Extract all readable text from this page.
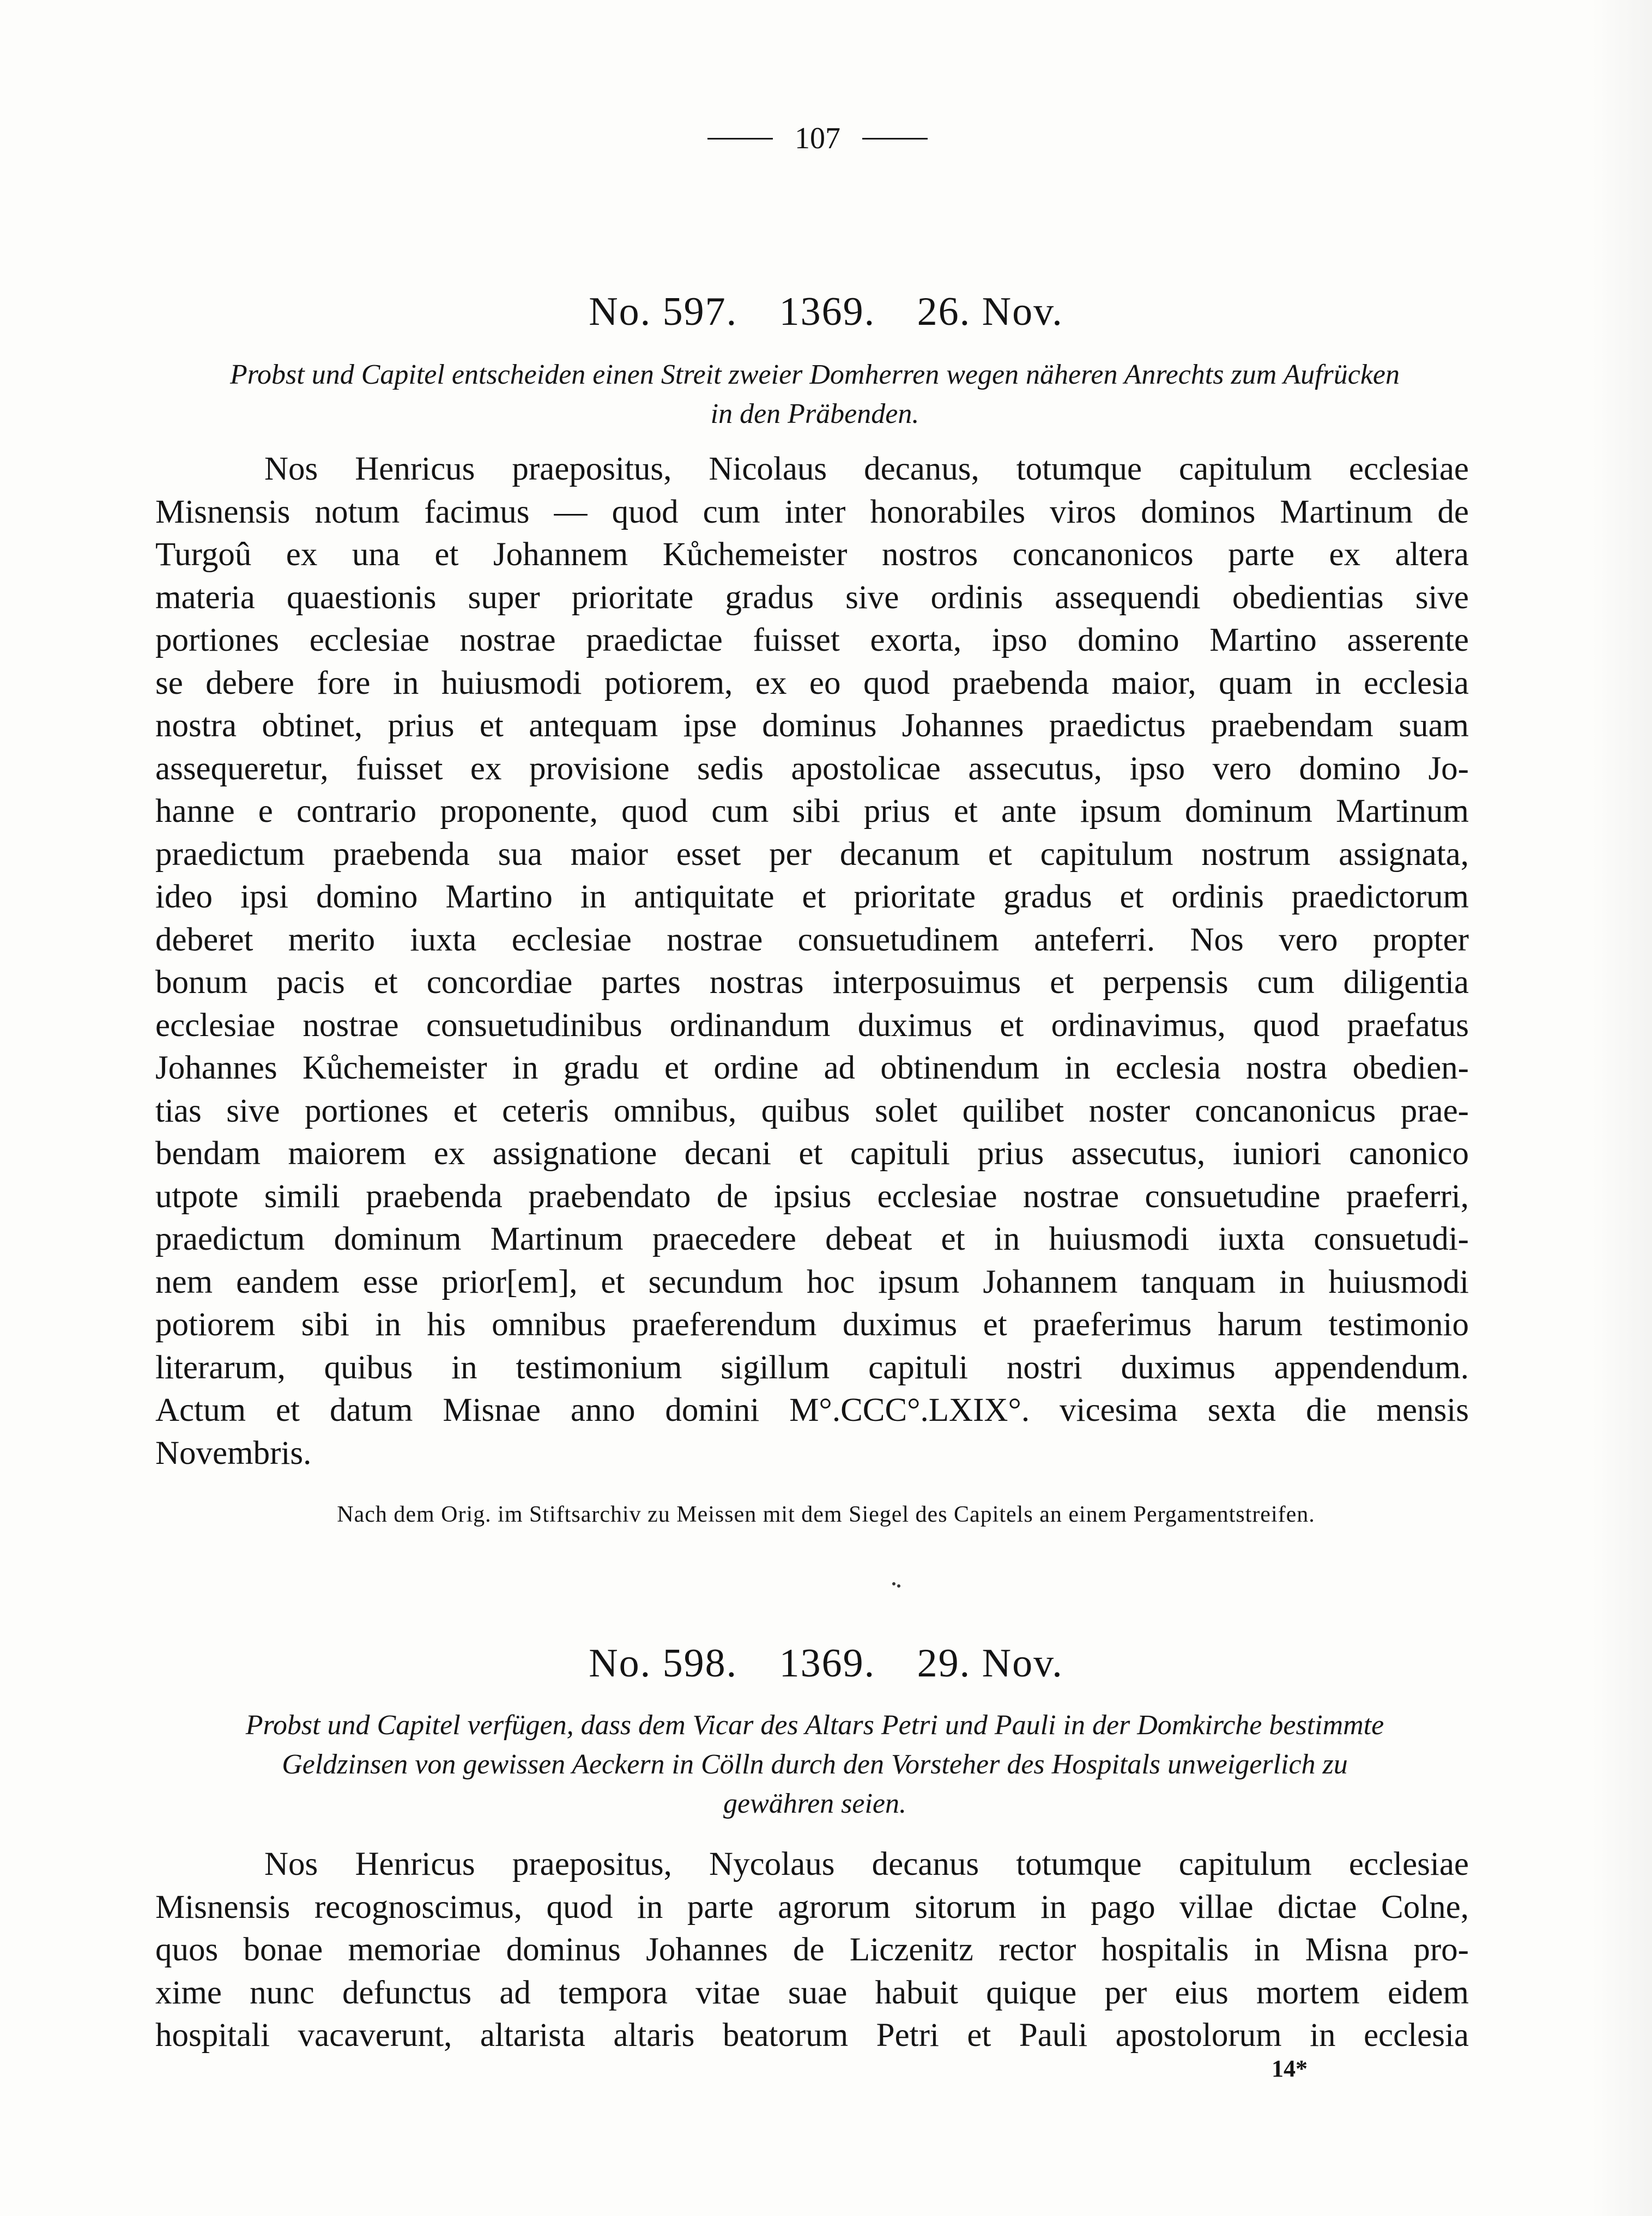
107
No. 597. 1369. 26. Nov.
Probst und Capitel entscheiden einen Streit zweier Domherren wegen näheren Anrechts zum Aufrücken
in den Präbenden.
Nos Henricus praepositus, Nicolaus decanus, totumque capitulum ecclesiae
Misnensis notum facimus — quod cum inter honorabiles viros dominos Martinum de
Turgoû ex una et Johannem Kůchemeister nostros concanonicos parte ex altera
materia quaestionis super prioritate gradus sive ordinis assequendi obedientias sive
portiones ecclesiae nostrae praedictae fuisset exorta, ipso domino Martino asserente
se debere fore in huiusmodi potiorem, ex eo quod praebenda maior, quam in ecclesia
nostra obtinet, prius et antequam ipse dominus Johannes praedictus praebendam suam
assequeretur, fuisset ex provisione sedis apostolicae assecutus, ipso vero domino Jo-
hanne e contrario proponente, quod cum sibi prius et ante ipsum dominum Martinum
praedictum praebenda sua maior esset per decanum et capitulum nostrum assignata,
ideo ipsi domino Martino in antiquitate et prioritate gradus et ordinis praedictorum
deberet merito iuxta ecclesiae nostrae consuetudinem anteferri. Nos vero propter
bonum pacis et concordiae partes nostras interposuimus et perpensis cum diligentia
ecclesiae nostrae consuetudinibus ordinandum duximus et ordinavimus, quod praefatus
Johannes Kůchemeister in gradu et ordine ad obtinendum in ecclesia nostra obedien-
tias sive portiones et ceteris omnibus, quibus solet quilibet noster concanonicus prae-
bendam maiorem ex assignatione decani et capituli prius assecutus, iuniori canonico
utpote simili praebenda praebendato de ipsius ecclesiae nostrae consuetudine praeferri,
praedictum dominum Martinum praecedere debeat et in huiusmodi iuxta consuetudi-
nem eandem esse prior[em], et secundum hoc ipsum Johannem tanquam in huiusmodi
potiorem sibi in his omnibus praeferendum duximus et praeferimus harum testimonio
literarum, quibus in testimonium sigillum capituli nostri duximus appendendum.
Actum et datum Misnae anno domini M°.CCC°.LXIX°. vicesima sexta die mensis
Novembris.
Nach dem Orig. im Stiftsarchiv zu Meissen mit dem Siegel des Capitels an einem Pergamentstreifen.
No. 598. 1369. 29. Nov.
Probst und Capitel verfügen, dass dem Vicar des Altars Petri und Pauli in der Domkirche bestimmte
Geldzinsen von gewissen Aeckern in Cölln durch den Vorsteher des Hospitals unweigerlich zu
gewähren seien.
Nos Henricus praepositus, Nycolaus decanus totumque capitulum ecclesiae
Misnensis recognoscimus, quod in parte agrorum sitorum in pago villae dictae Colne,
quos bonae memoriae dominus Johannes de Liczenitz rector hospitalis in Misna pro-
xime nunc defunctus ad tempora vitae suae habuit quique per eius mortem eidem
hospitali vacaverunt, altarista altaris beatorum Petri et Pauli apostolorum in ecclesia
14*
